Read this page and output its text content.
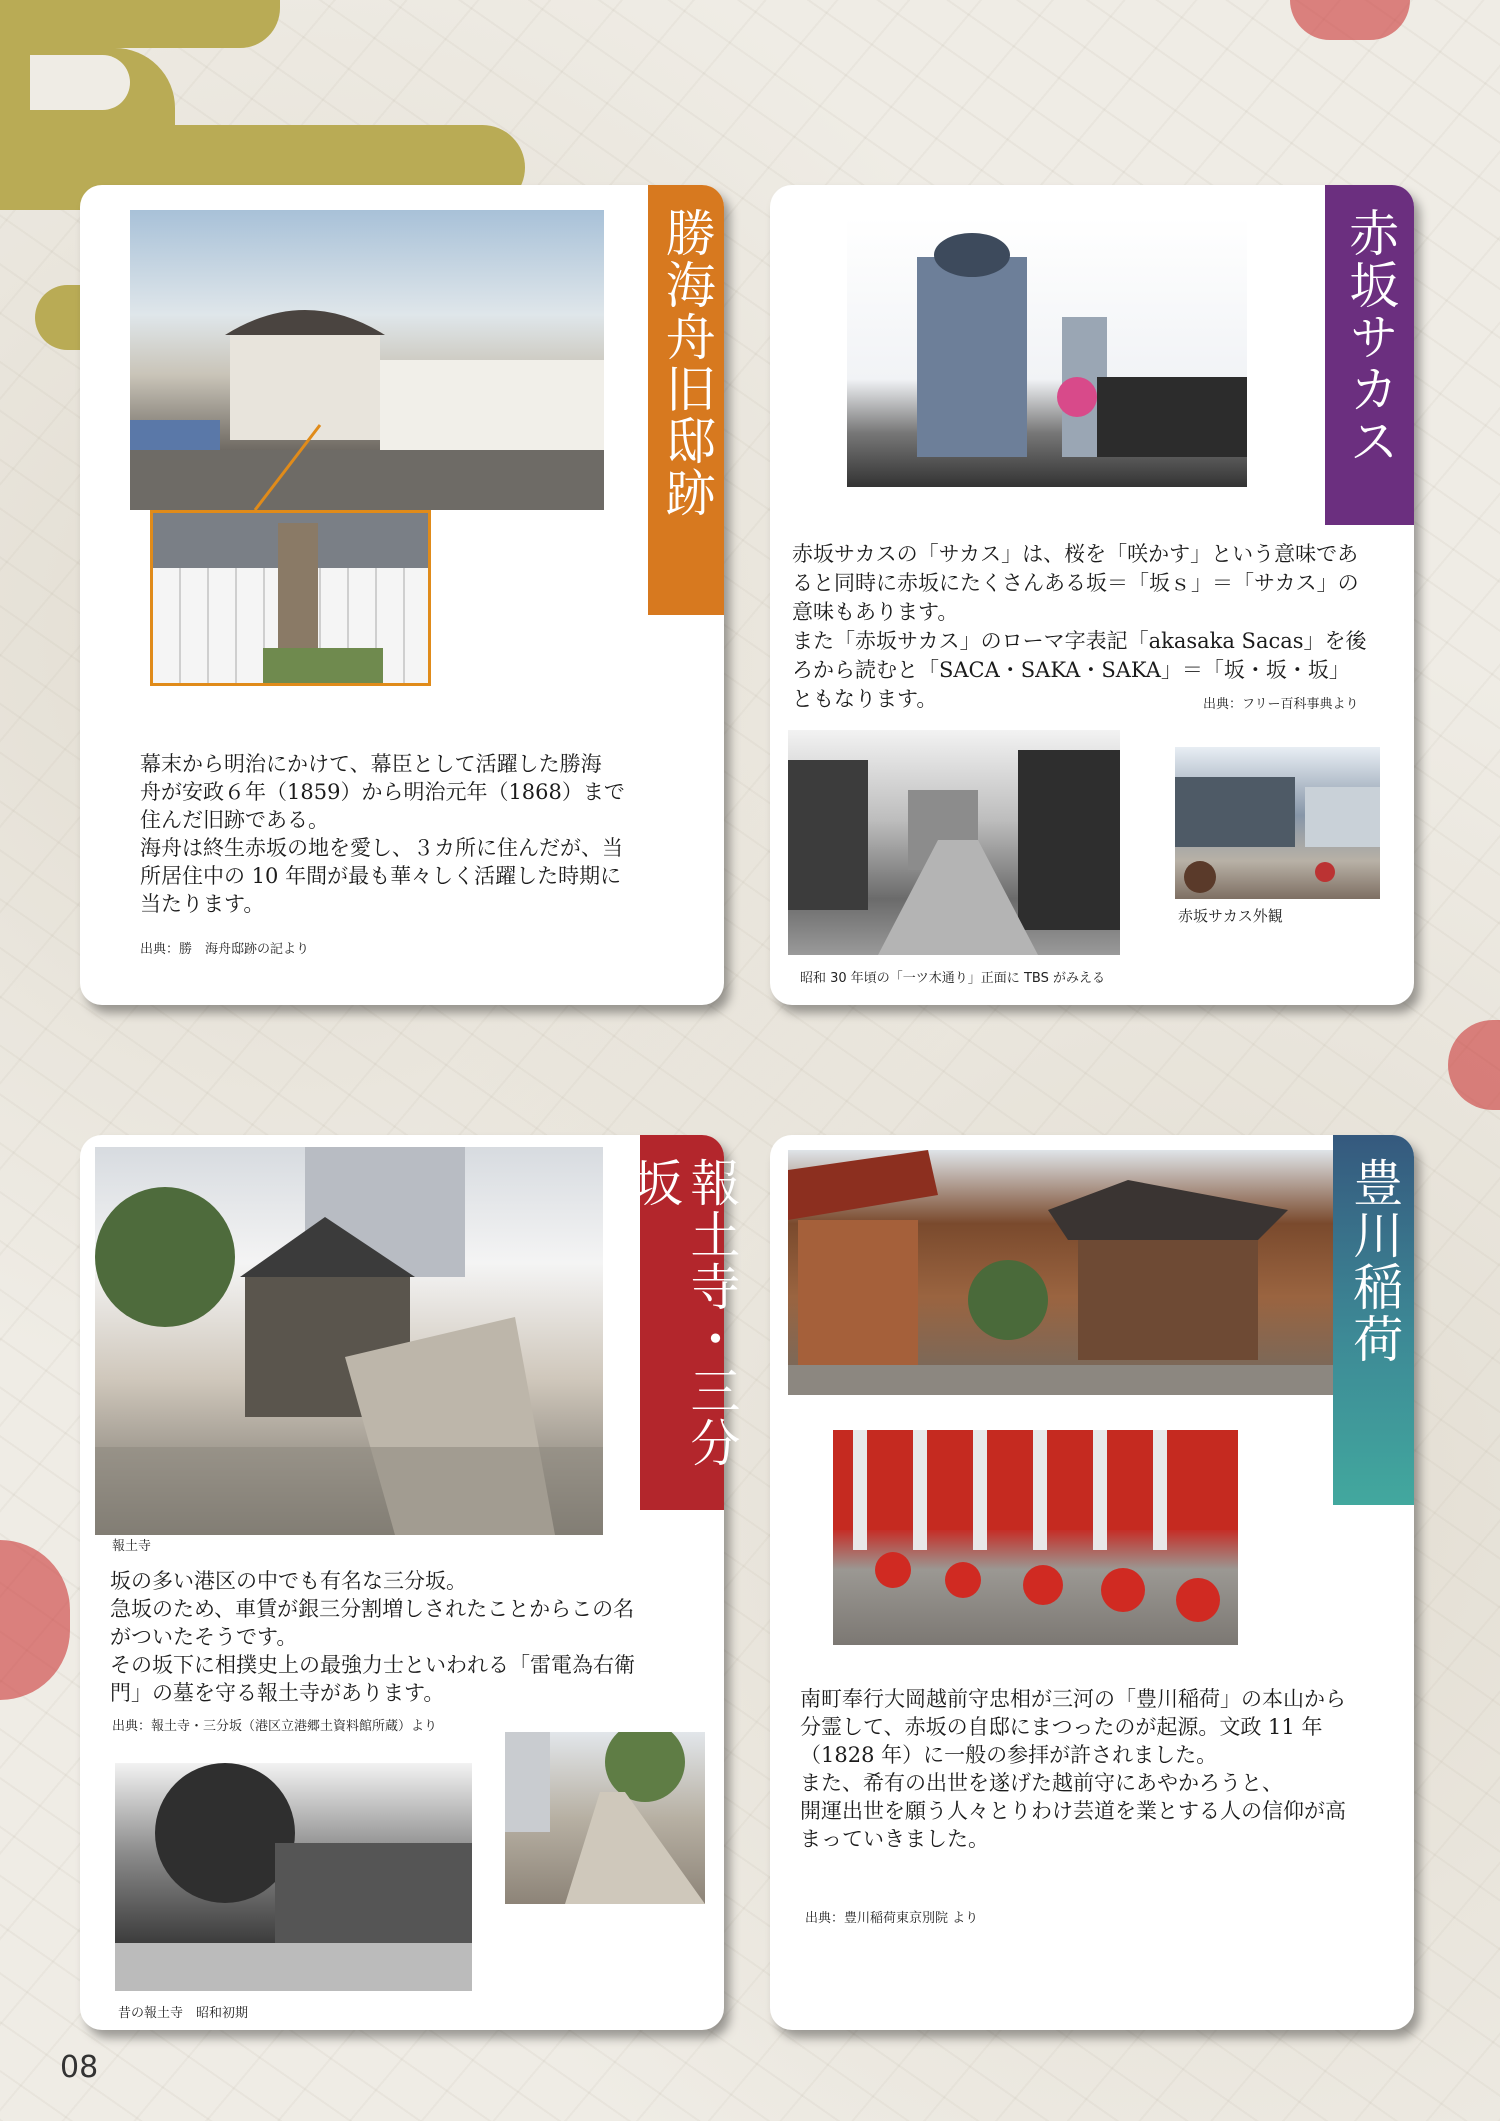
勝海舟旧邸跡

幕末から明治にかけて、幕臣として活躍した勝海
舟が安政６年（1859）から明治元年（1868）まで
住んだ旧跡である。
海舟は終生赤坂の地を愛し、３カ所に住んだが、当
所居住中の 10 年間が最も華々しく活躍した時期に
当たります。

出典：勝　海舟邸跡の記より

赤坂サカス

赤坂サカスの「サカス」は、桜を「咲かす」という意味であ
ると同時に赤坂にたくさんある坂＝「坂ｓ」＝「サカス」の
意味もあります。
また「赤坂サカス」のローマ字表記「akasaka Sacas」を後
ろから読むと「SACA・SAKA・SAKA」＝「坂・坂・坂」
ともなります。	出典：フリー百科事典より

昭和 30 年頃の「一ツ木通り」正面に TBS がみえる

赤坂サカス外観

報土寺・三分坂

報土寺

坂の多い港区の中でも有名な三分坂。
急坂のため、車賃が銀三分割増しされたことからこの名
がついたそうです。
その坂下に相撲史上の最強力士といわれる「雷電為右衛
門」の墓を守る報土寺があります。

出典：報土寺・三分坂（港区立港郷土資料館所蔵）より

昔の報土寺　昭和初期

豊川稲荷

南町奉行大岡越前守忠相が三河の「豊川稲荷」の本山から
分霊して、赤坂の自邸にまつったのが起源。文政 11 年
（1828 年）に一般の参拝が許されました。
また、希有の出世を遂げた越前守にあやかろうと、
開運出世を願う人々とりわけ芸道を業とする人の信仰が高
まっていきました。

出典：豊川稲荷東京別院 より

08
